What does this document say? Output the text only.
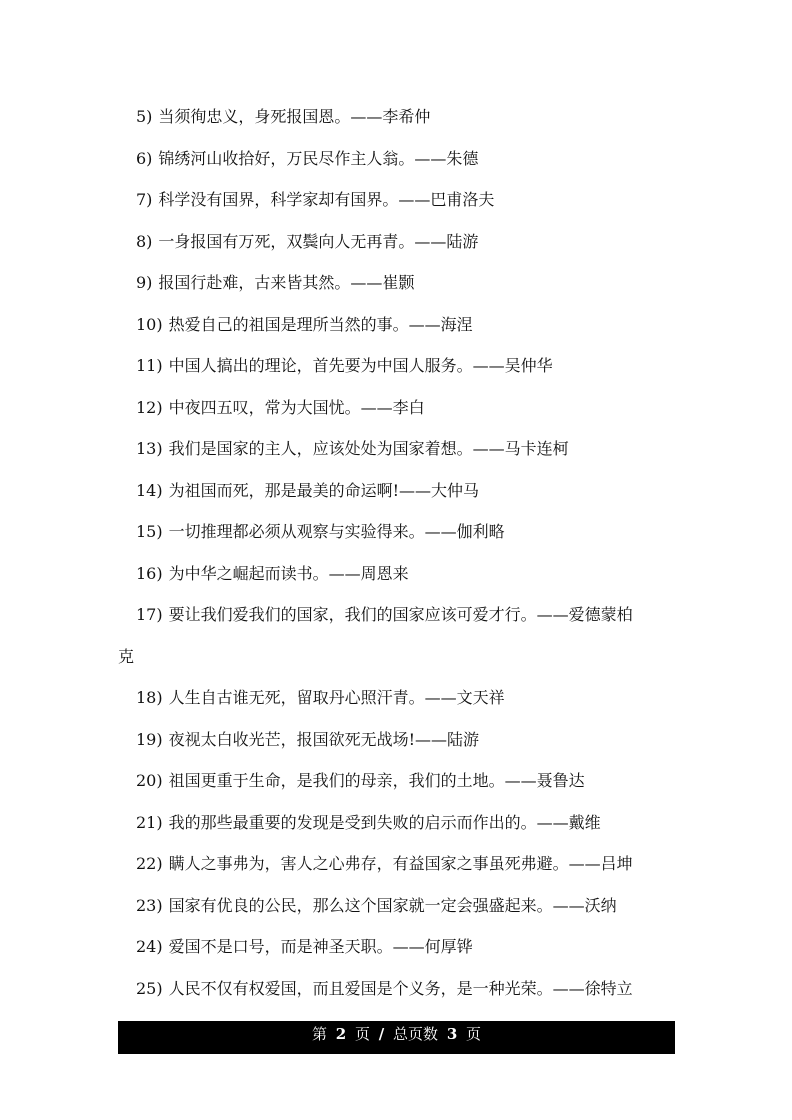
5) 当须徇忠义，身死报国恩。——李希仲
6) 锦绣河山收拾好，万民尽作主人翁。——朱德
7) 科学没有国界，科学家却有国界。——巴甫洛夫
8) 一身报国有万死，双鬓向人无再青。——陆游
9) 报国行赴难，古来皆其然。——崔颢
10) 热爱自己的祖国是理所当然的事。——海涅
11) 中国人搞出的理论，首先要为中国人服务。——吴仲华
12) 中夜四五叹，常为大国忧。——李白
13) 我们是国家的主人，应该处处为国家着想。——马卡连柯
14) 为祖国而死，那是最美的命运啊!——大仲马
15) 一切推理都必须从观察与实验得来。——伽利略
16) 为中华之崛起而读书。——周恩来
17) 要让我们爱我们的国家，我们的国家应该可爱才行。——爱德蒙柏
克
18) 人生自古谁无死，留取丹心照汗青。——文天祥
19) 夜视太白收光芒，报国欲死无战场!——陆游
20) 祖国更重于生命，是我们的母亲，我们的土地。——聂鲁达
21) 我的那些最重要的发现是受到失败的启示而作出的。——戴维
22) 瞒人之事弗为，害人之心弗存，有益国家之事虽死弗避。——吕坤
23) 国家有优良的公民，那么这个国家就一定会强盛起来。——沃纳
24) 爱国不是口号，而是神圣天职。——何厚铧
25) 人民不仅有权爱国，而且爱国是个义务，是一种光荣。——徐特立
第 2 页 / 总页数 3 页
